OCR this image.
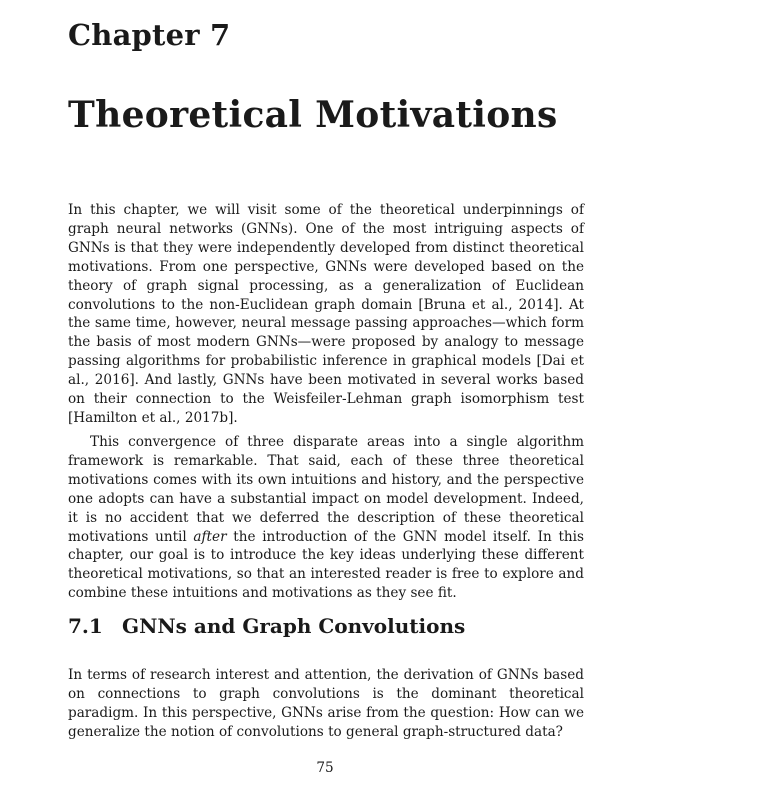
Chapter 7
Theoretical Motivations

In this chapter, we will visit some of the theoretical underpinnings of graph neural networks (GNNs). One of the most intriguing aspects of GNNs is that they were independently developed from distinct theoretical motivations. From one perspective, GNNs were developed based on the theory of graph signal processing, as a generalization of Euclidean convolutions to the non-Euclidean graph domain [Bruna et al., 2014]. At the same time, however, neural message passing approaches—which form the basis of most modern GNNs—were proposed by analogy to message passing algorithms for probabilistic inference in graphical models [Dai et al., 2016]. And lastly, GNNs have been motivated in several works based on their connection to the Weisfeiler-Lehman graph isomorphism test [Hamilton et al., 2017b].

This convergence of three disparate areas into a single algorithm framework is remarkable. That said, each of these three theoretical motivations comes with its own intuitions and history, and the perspective one adopts can have a substantial impact on model development. Indeed, it is no accident that we deferred the description of these theoretical motivations until after the introduction of the GNN model itself. In this chapter, our goal is to introduce the key ideas underlying these different theoretical motivations, so that an interested reader is free to explore and combine these intuitions and motivations as they see fit.

7.1 GNNs and Graph Convolutions

In terms of research interest and attention, the derivation of GNNs based on connections to graph convolutions is the dominant theoretical paradigm. In this perspective, GNNs arise from the question: How can we generalize the notion of convolutions to general graph-structured data?

75
